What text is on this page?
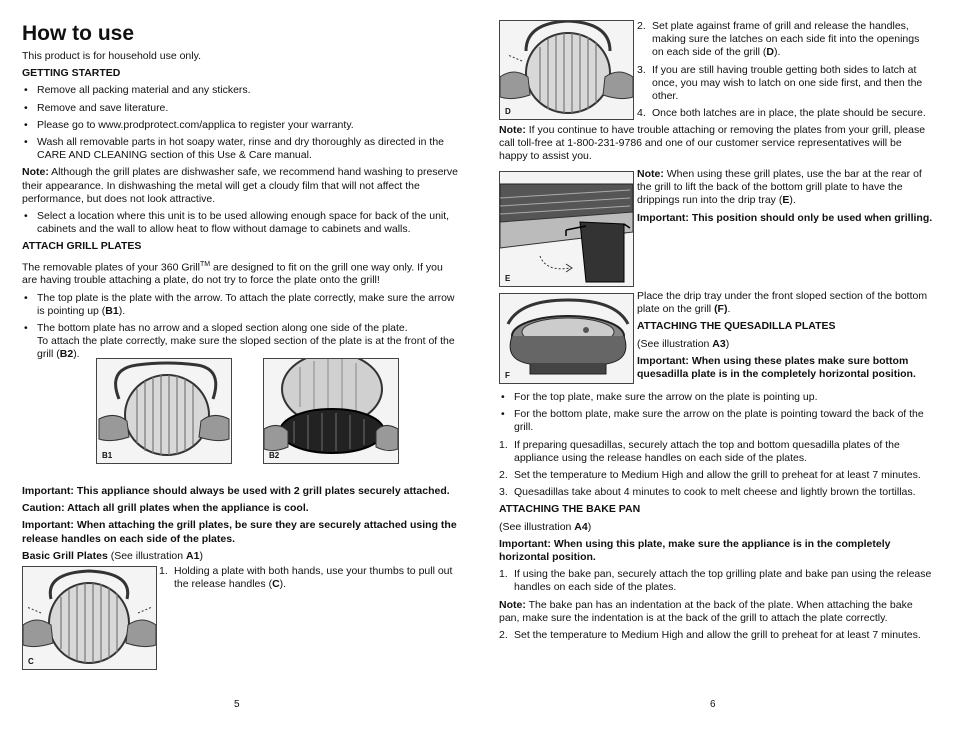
How to use

This product is for household use only.

GETTING STARTED
• Remove all packing material and any stickers.
• Remove and save literature.
• Please go to www.prodprotect.com/applica to register your warranty.
• Wash all removable parts in hot soapy water, rinse and dry thoroughly as directed in the CARE AND CLEANING section of this Use & Care manual.

Note: Although the grill plates are dishwasher safe, we recommend hand washing to preserve their appearance. In dishwashing the metal will get a cloudy film that will not affect the performance, but does not look attractive.

• Select a location where this unit is to be used allowing enough space for back of the unit, cabinets and the wall to allow heat to flow without damage to cabinets and walls.
ATTACH GRILL PLATES

The removable plates of your 360 Grill™ are designed to fit on the grill one way only. If you are having trouble attaching a plate, do not try to force the plate onto the grill!

• The top plate is the plate with the arrow. To attach the plate correctly, make sure the arrow is pointing up (B1).
• The bottom plate has no arrow and a sloped section along one side of the plate.
To attach the plate correctly, make sure the sloped section of the plate is at the front of the grill (B2).
B1	B2

Important: This appliance should always be used with 2 grill plates securely attached.

Caution: Attach all grill plates when the appliance is cool.

Important: When attaching the grill plates, be sure they are securely attached using the release handles on each side of the plates.

Basic Grill Plates (See illustration A1)

1. Holding a plate with both hands, use your thumbs to pull out the release handles (C).
C
5
D
2. Set plate against frame of grill and release the handles, making sure the latches on each side fit into the openings on each side of the grill (D).
3. If you are still having trouble getting both sides to latch at once, you may wish to latch on one side first, and then the other.
4. Once both latches are in place, the plate should be secure.

Note: If you continue to have trouble attaching or removing the plates from your grill, please call toll-free at 1-800-231-9786 and one of our customer service representatives will be happy to assist you.

E

Note: When using these grill plates, use the bar at the rear of the grill to lift the back of the bottom grill plate to have the drippings run into the drip tray (E).

Important: This position should only be used when grilling.

F

Place the drip tray under the front sloped section of the bottom plate on the grill (F).

ATTACHING THE QUESADILLA PLATES

(See illustration A3)

Important: When using these plates make sure bottom quesadilla plate is in the completely horizontal position.

• For the top plate, make sure the arrow on the plate is pointing up.
• For the bottom plate, make sure the arrow on the plate is pointing toward the back of the grill.
1. If preparing quesadillas, securely attach the top and bottom quesadilla plates of the appliance using the release handles on each side of the plates.
2. Set the temperature to Medium High and allow the grill to preheat for at least 7 minutes.
3. Quesadillas take about 4 minutes to cook to melt cheese and lightly brown the tortillas.
ATTACHING THE BAKE PAN

(See illustration A4)

Important: When using this plate, make sure the appliance is in the completely horizontal position.

1. If using the bake pan, securely attach the top grilling plate and bake pan using the release handles on each side of the plates.

Note: The bake pan has an indentation at the back of the plate. When attaching the bake pan, make sure the indentation is at the back of the grill to attach the plate correctly.

2. Set the temperature to Medium High and allow the grill to preheat for at least 7 minutes.
6
